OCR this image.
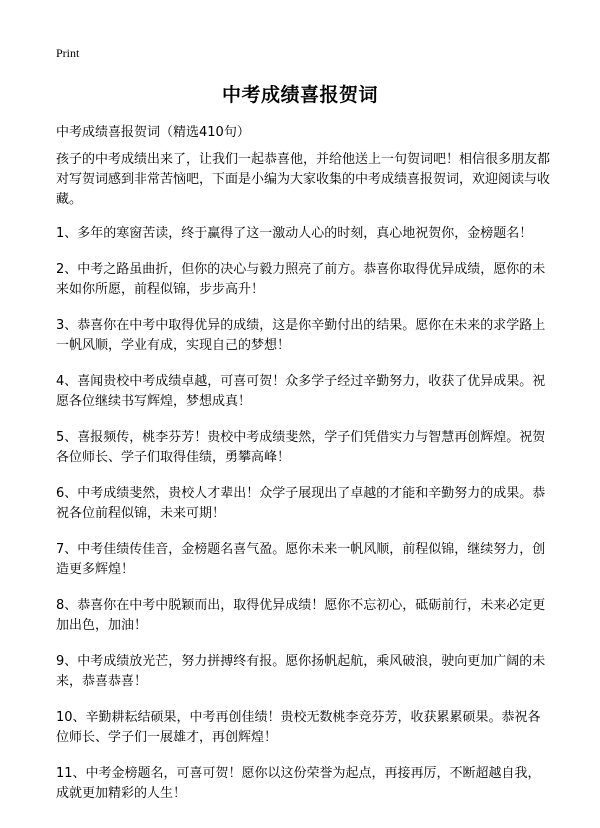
Print
中考成绩喜报贺词
中考成绩喜报贺词（精选410句）

孩子的中考成绩出来了，让我们一起恭喜他，并给他送上一句贺词吧！相信很多朋友都对写贺词感到非常苦恼吧，下面是小编为大家收集的中考成绩喜报贺词，欢迎阅读与收藏。

1、多年的寒窗苦读，终于赢得了这一激动人心的时刻，真心地祝贺你，金榜题名！

2、中考之路虽曲折，但你的决心与毅力照亮了前方。恭喜你取得优异成绩，愿你的未来如你所愿，前程似锦，步步高升！

3、恭喜你在中考中取得优异的成绩，这是你辛勤付出的结果。愿你在未来的求学路上一帆风顺，学业有成，实现自己的梦想！

4、喜闻贵校中考成绩卓越，可喜可贺！众多学子经过辛勤努力，收获了优异成果。祝愿各位继续书写辉煌，梦想成真！

5、喜报频传，桃李芬芳！贵校中考成绩斐然，学子们凭借实力与智慧再创辉煌。祝贺各位师长、学子们取得佳绩，勇攀高峰！

6、中考成绩斐然，贵校人才辈出！众学子展现出了卓越的才能和辛勤努力的成果。恭祝各位前程似锦，未来可期！

7、中考佳绩传佳音，金榜题名喜气盈。愿你未来一帆风顺，前程似锦，继续努力，创造更多辉煌！

8、恭喜你在中考中脱颖而出，取得优异成绩！愿你不忘初心，砥砺前行，未来必定更加出色，加油！

9、中考成绩放光芒，努力拼搏终有报。愿你扬帆起航，乘风破浪，驶向更加广阔的未来，恭喜恭喜！

10、辛勤耕耘结硕果，中考再创佳绩！贵校无数桃李竞芬芳，收获累累硕果。恭祝各位师长、学子们一展雄才，再创辉煌！

11、中考金榜题名，可喜可贺！愿你以这份荣誉为起点，再接再厉，不断超越自我，成就更加精彩的人生！
